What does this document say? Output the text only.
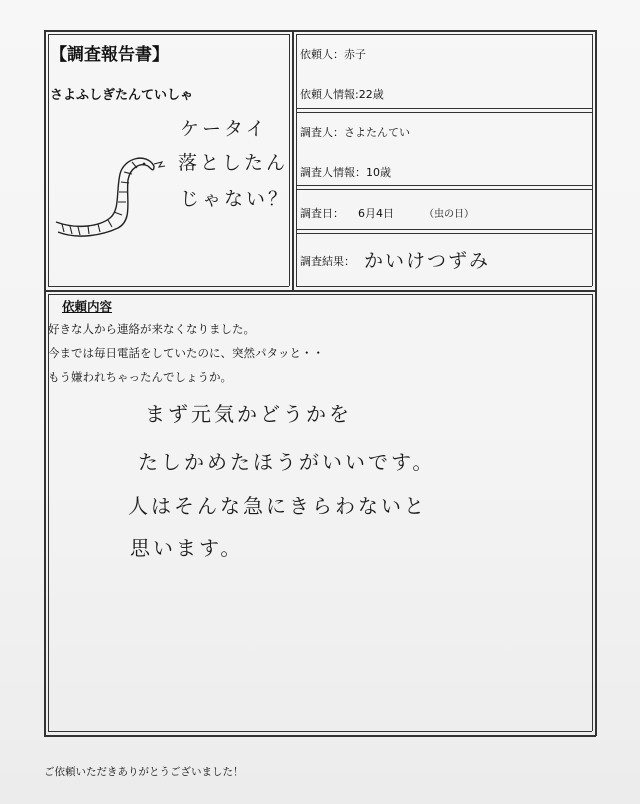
【調査報告書】
さよふしぎたんていしゃ
ケータイ
落としたん
じゃない？
依頼人：赤子
依頼人情報:22歳
調査人：さよたんてい
調査人情報：10歳
調査日： 6月4日	（虫の日）
調査結果： かいけつずみ
依頼内容
好きな人から連絡が来なくなりました。
今までは毎日電話をしていたのに、突然パタッと・・
もう嫌われちゃったんでしょうか。
まず元気かどうかを
たしかめたほうがいいです。
人はそんな急にきらわないと
思います。
ご依頼いただきありがとうございました！
